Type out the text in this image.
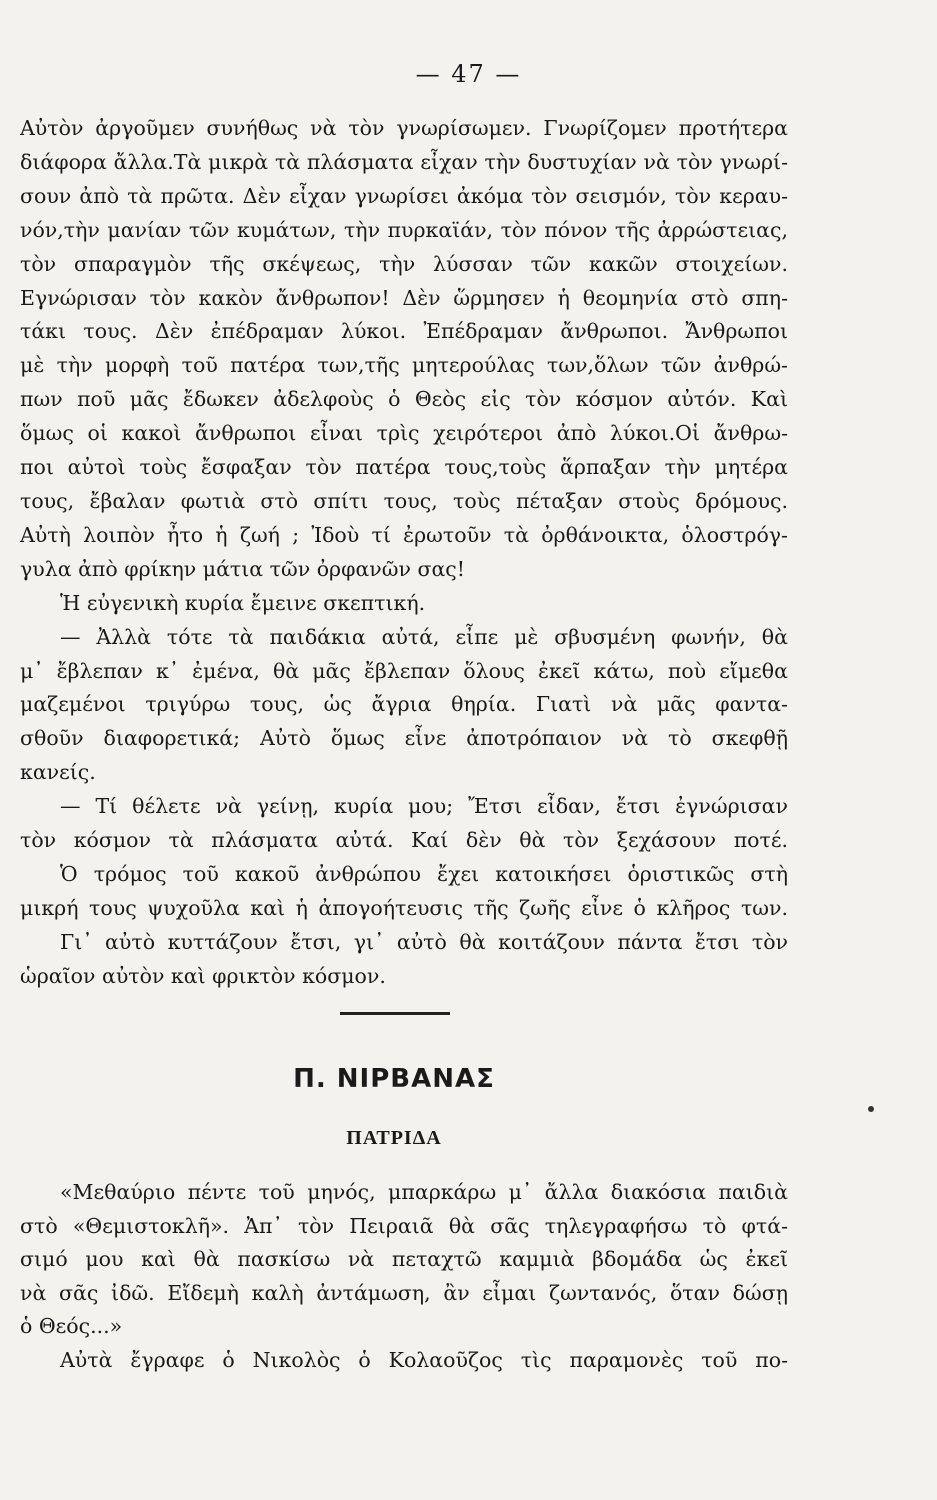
— 47 —
Αὐτὸν ἀργοῦμεν συνήθως νὰ τὸν γνωρίσωμεν. Γνωρίζομεν προτήτερα
διάφορα ἄλλα.Τὰ μικρὰ τὰ πλάσματα εἶχαν τὴν δυστυχίαν νὰ τὸν γνωρί-
σουν ἀπὸ τὰ πρῶτα. Δὲν εἶχαν γνωρίσει ἀκόμα τὸν σεισμόν, τὸν κεραυ-
νόν,τὴν μανίαν τῶν κυμάτων, τὴν πυρκαϊάν, τὸν πόνον τῆς ἀρρώστειας,
τὸν σπαραγμὸν τῆς σκέψεως, τὴν λύσσαν τῶν κακῶν στοιχείων.
Εγνώρισαν τὸν κακὸν ἄνθρωπον! Δὲν ὥρμησεν ἡ θεομηνία στὸ σπη-
τάκι τους. Δὲν ἐπέδραμαν λύκοι. Ἐπέδραμαν ἄνθρωποι. Ἄνθρωποι
μὲ τὴν μορφὴ τοῦ πατέρα των,τῆς μητερούλας των,ὅλων τῶν ἀνθρώ-
πων ποῦ μᾶς ἔδωκεν ἀδελφοὺς ὁ Θεὸς εἰς τὸν κόσμον αὐτόν. Καὶ
ὅμως οἱ κακοὶ ἄνθρωποι εἶναι τρὶς χειρότεροι ἀπὸ λύκοι.Οἱ ἄνθρω-
ποι αὐτοὶ τοὺς ἔσφαξαν τὸν πατέρα τους,τοὺς ἅρπαξαν τὴν μητέρα
τους, ἔβαλαν φωτιὰ στὸ σπίτι τους, τοὺς πέταξαν στοὺς δρόμους.
Αὐτὴ λοιπὸν ἦτο ἡ ζωή ; Ἰδοὺ τί ἐρωτοῦν τὰ ὀρθάνοικτα, ὁλοστρόγ-
γυλα ἀπὸ φρίκην μάτια τῶν ὀρφανῶν σας!
Ἡ εὐγενικὴ κυρία ἔμεινε σκεπτική.
— Ἀλλὰ τότε τὰ παιδάκια αὐτά, εἶπε μὲ σβυσμένη φωνήν, θὰ
μ᾿ ἔβλεπαν κ᾿ ἐμένα, θὰ μᾶς ἔβλεπαν ὅλους ἐκεῖ κάτω, ποὺ εἴμεθα
μαζεμένοι τριγύρω τους, ὡς ἄγρια θηρία. Γιατὶ νὰ μᾶς φαντα-
σθοῦν διαφορετικά; Αὐτὸ ὅμως εἶνε ἀποτρόπαιον νὰ τὸ σκεφθῇ
κανείς.
— Τί θέλετε νὰ γείνῃ, κυρία μου; Ἔτσι εἶδαν, ἔτσι ἐγνώρισαν
τὸν κόσμον τὰ πλάσματα αὐτά. Καί δὲν θὰ τὸν ξεχάσουν ποτέ.
Ὁ τρόμος τοῦ κακοῦ ἀνθρώπου ἔχει κατοικήσει ὁριστικῶς στὴ
μικρή τους ψυχοῦλα καὶ ἡ ἀπογοήτευσις τῆς ζωῆς εἶνε ὁ κλῆρος των.
Γι᾿ αὐτὸ κυττάζουν ἔτσι, γι᾿ αὐτὸ θὰ κοιτάζουν πάντα ἔτσι τὸν
ὡραῖον αὐτὸν καὶ φρικτὸν κόσμον.
Π. ΝΙΡΒΑΝΑΣ
ΠΑΤΡΙΔΑ
«Μεθαύριο πέντε τοῦ μηνός, μπαρκάρω μ᾿ ἄλλα διακόσια παιδιὰ
στὸ «Θεμιστοκλῆ». Ἀπ᾿ τὸν Πειραιᾶ θὰ σᾶς τηλεγραφήσω τὸ φτά-
σιμό μου καὶ θὰ πασκίσω νὰ πεταχτῶ καμμιὰ βδομάδα ὡς ἐκεῖ
νὰ σᾶς ἰδῶ. Εἴδεμὴ καλὴ ἀντάμωση, ἂν εἶμαι ζωντανός, ὅταν δώσῃ
ὁ Θεός...»
Αὐτὰ ἔγραφε ὁ Νικολὸς ὁ Κολαοῦζος τὶς παραμονὲς τοῦ πο-
